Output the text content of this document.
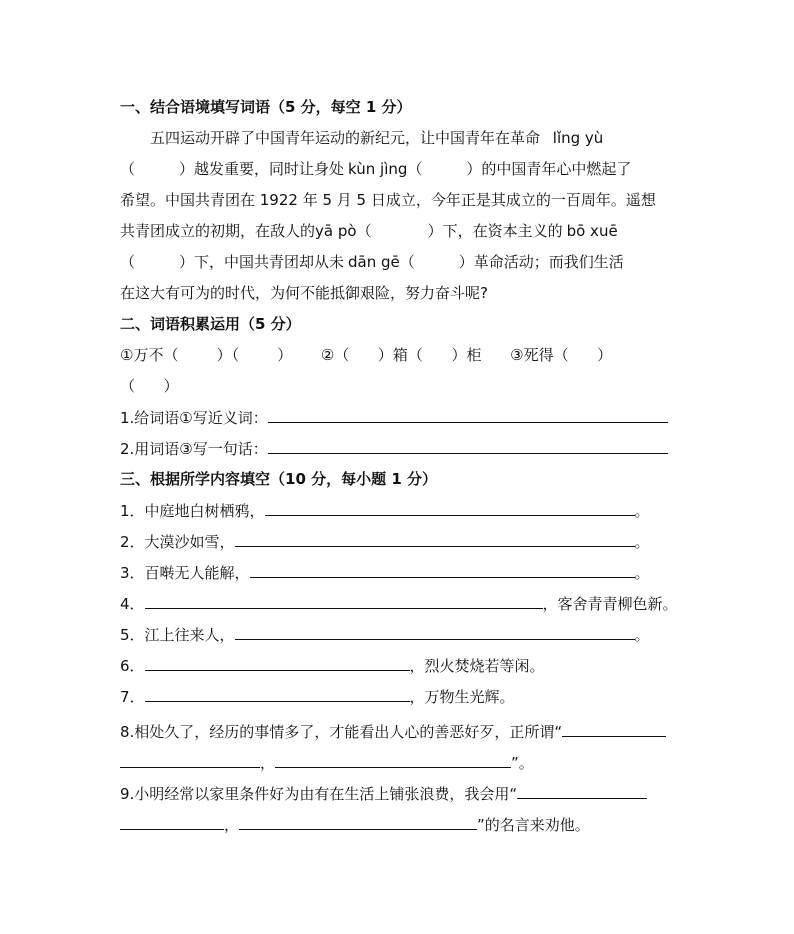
一、结合语境填写词语（5 分，每空 1 分）
五四运动开辟了中国青年运动的新纪元，让中国青年在革命 lǐng yù
（	）越发重要，同时让身处 kùn jìng（	）的中国青年心中燃起了
希望。中国共青团在 1922 年 5 月 5 日成立，今年正是其成立的一百周年。遥想
共青团成立的初期，在敌人的yā pò（	）下，在资本主义的 bō xuē
（	）下，中国共青团却从未 dān gē（	）革命活动；而我们生活
在这大有可为的时代，为何不能抵御艰险，努力奋斗呢?
二、词语积累运用（5 分）
①万不（        ）（        ）      ②（      ）箱（      ）柜      ③死得（      ）
（      ）
1.给词语①写近义词：
2.用词语③写一句话：
三、根据所学内容填空（10 分，每小题 1 分）
1．中庭地白树栖鸦，	。
2．大漠沙如雪，	。
3．百啭无人能解，	。
4．	，客舍青青柳色新。
5．江上往来人，	。
6．	，烈火焚烧若等闲。
7．	，万物生光辉。
8.相处久了，经历的事情多了，才能看出人心的善恶好歹，正所谓“
，	”。
9.小明经常以家里条件好为由有在生活上铺张浪费，我会用“
，	”的名言来劝他。
